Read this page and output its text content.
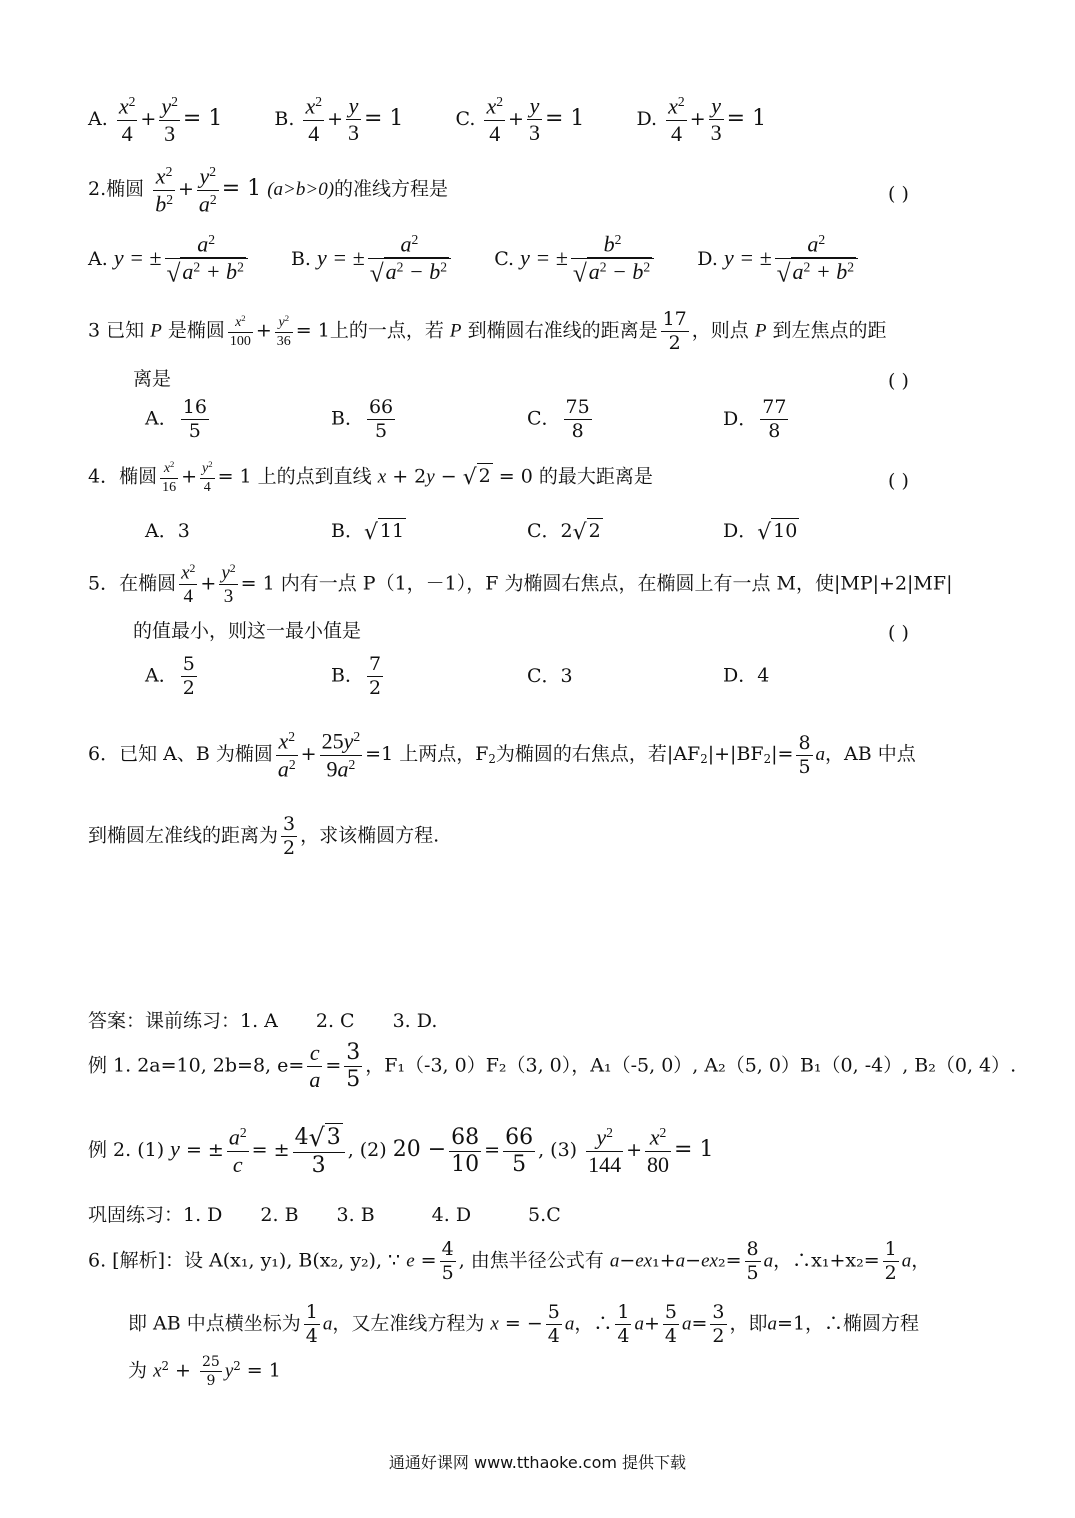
A. $\frac{x^2}{4} + \frac{y^2}{3} = 1$	B. $\frac{x^2}{4} + \frac{y}{3} = 1$	C. $\frac{x^2}{4} + \frac{y}{3} = 1$	D. $\frac{x^2}{4} + \frac{y}{3} = 1$
2.椭圆 $\frac{x^2}{b^2} + \frac{y^2}{a^2} = 1$ (a>b>0)的准线方程是	( )
A. y = ± $\frac{a^2}{√a^2 + b^2} B$. y = ± $\frac{a^2}{√a^2 - b^2} C$. y = ± $\frac{b^2}{√a^2 - b^2} D$. y = ± $\frac{a^2}{√a^2 + b^2}$
3 已知 P 是椭圆 $\frac{x^2}{100} + \frac{y^2}{36} = 1$上的一点，若 P 到椭圆右准线的距离是 $\frac{17}{2}$ ，则点 P 到左焦点的距
离是	( )
A． $\frac{16}{5}$	B． $\frac{66}{5}$	C． $\frac{75}{8}$	D． $\frac{77}{8}$
4．椭圆 $\frac{x^2}{16} + \frac{y^2}{4} = 1$ 上的点到直线 x + 2y − √ 2 = 0 的最大距离是	( )
A．3	B．√ 11	C．2√ 2	D．√ 10
5．在椭圆 $\frac{x^2}{4} + \frac{y^2}{3} = 1$ 内有一点 P（1，－1），F 为椭圆右焦点，在椭圆上有一点 M，使|MP|+2|MF|
的值最小，则这一最小值是	( )
A． $\frac{5}{2}$	B． $\frac{7}{2}$	C．3	D．4
6．已知 A、B 为椭圆 $\frac{x^2}{a^2} + \frac{25y^2}{9a^2} =1$ 上两点，$F_2$为椭圆的右焦点，若$|AF_2|+|BF_2|= \frac{8}{5}$ a，AB 中点
到椭圆左准线的距离为 $\frac{3}{2}$ ，求该椭圆方程.
答案：课前练习：1. A　　2. C　　3. D.
例 1. 2a=10, 2b=8, $e= \frac{c}{a} = \frac{3}{5}$ ，F₁（-3, 0）F₂（3, 0），A₁（-5, 0）, A₂（5, 0）B₁（0, -4）, B₂（0, 4）.
例 2. (1) y = ± $\frac{a^2}{c}$ = ± $\frac{4√3}{3}$ , (2) $20 - \frac{68}{10} = \frac{66}{5}$ , $(3) \frac{y^2}{144} + \frac{x^2}{80} = 1$
巩固练习：1. D　　2. B　　3. B　　　4. D　　　5.C
6. [解析]：设 A(x₁, y₁), B(x₂, y₂), ∵ $e = \frac{4}{5}$ , 由焦半径公式有 $a-ex_1+a-ex_2= \frac{8}{5}$ a，∴x₁+x₂= $\frac{1}{2}$ a，
即 AB 中点横坐标为 $\frac{1}{4}$ a，又左准线方程为 x = − $\frac{5}{4}$ a，∴ $\frac{1}{4} a+ \frac{5}{4} a= \frac{3}{2}$ ，即a=1，∴椭圆方程
为 $x^2 + \frac{25}{9} y^2 = 1$
通通好课网 www.tthaoke.com 提供下载
